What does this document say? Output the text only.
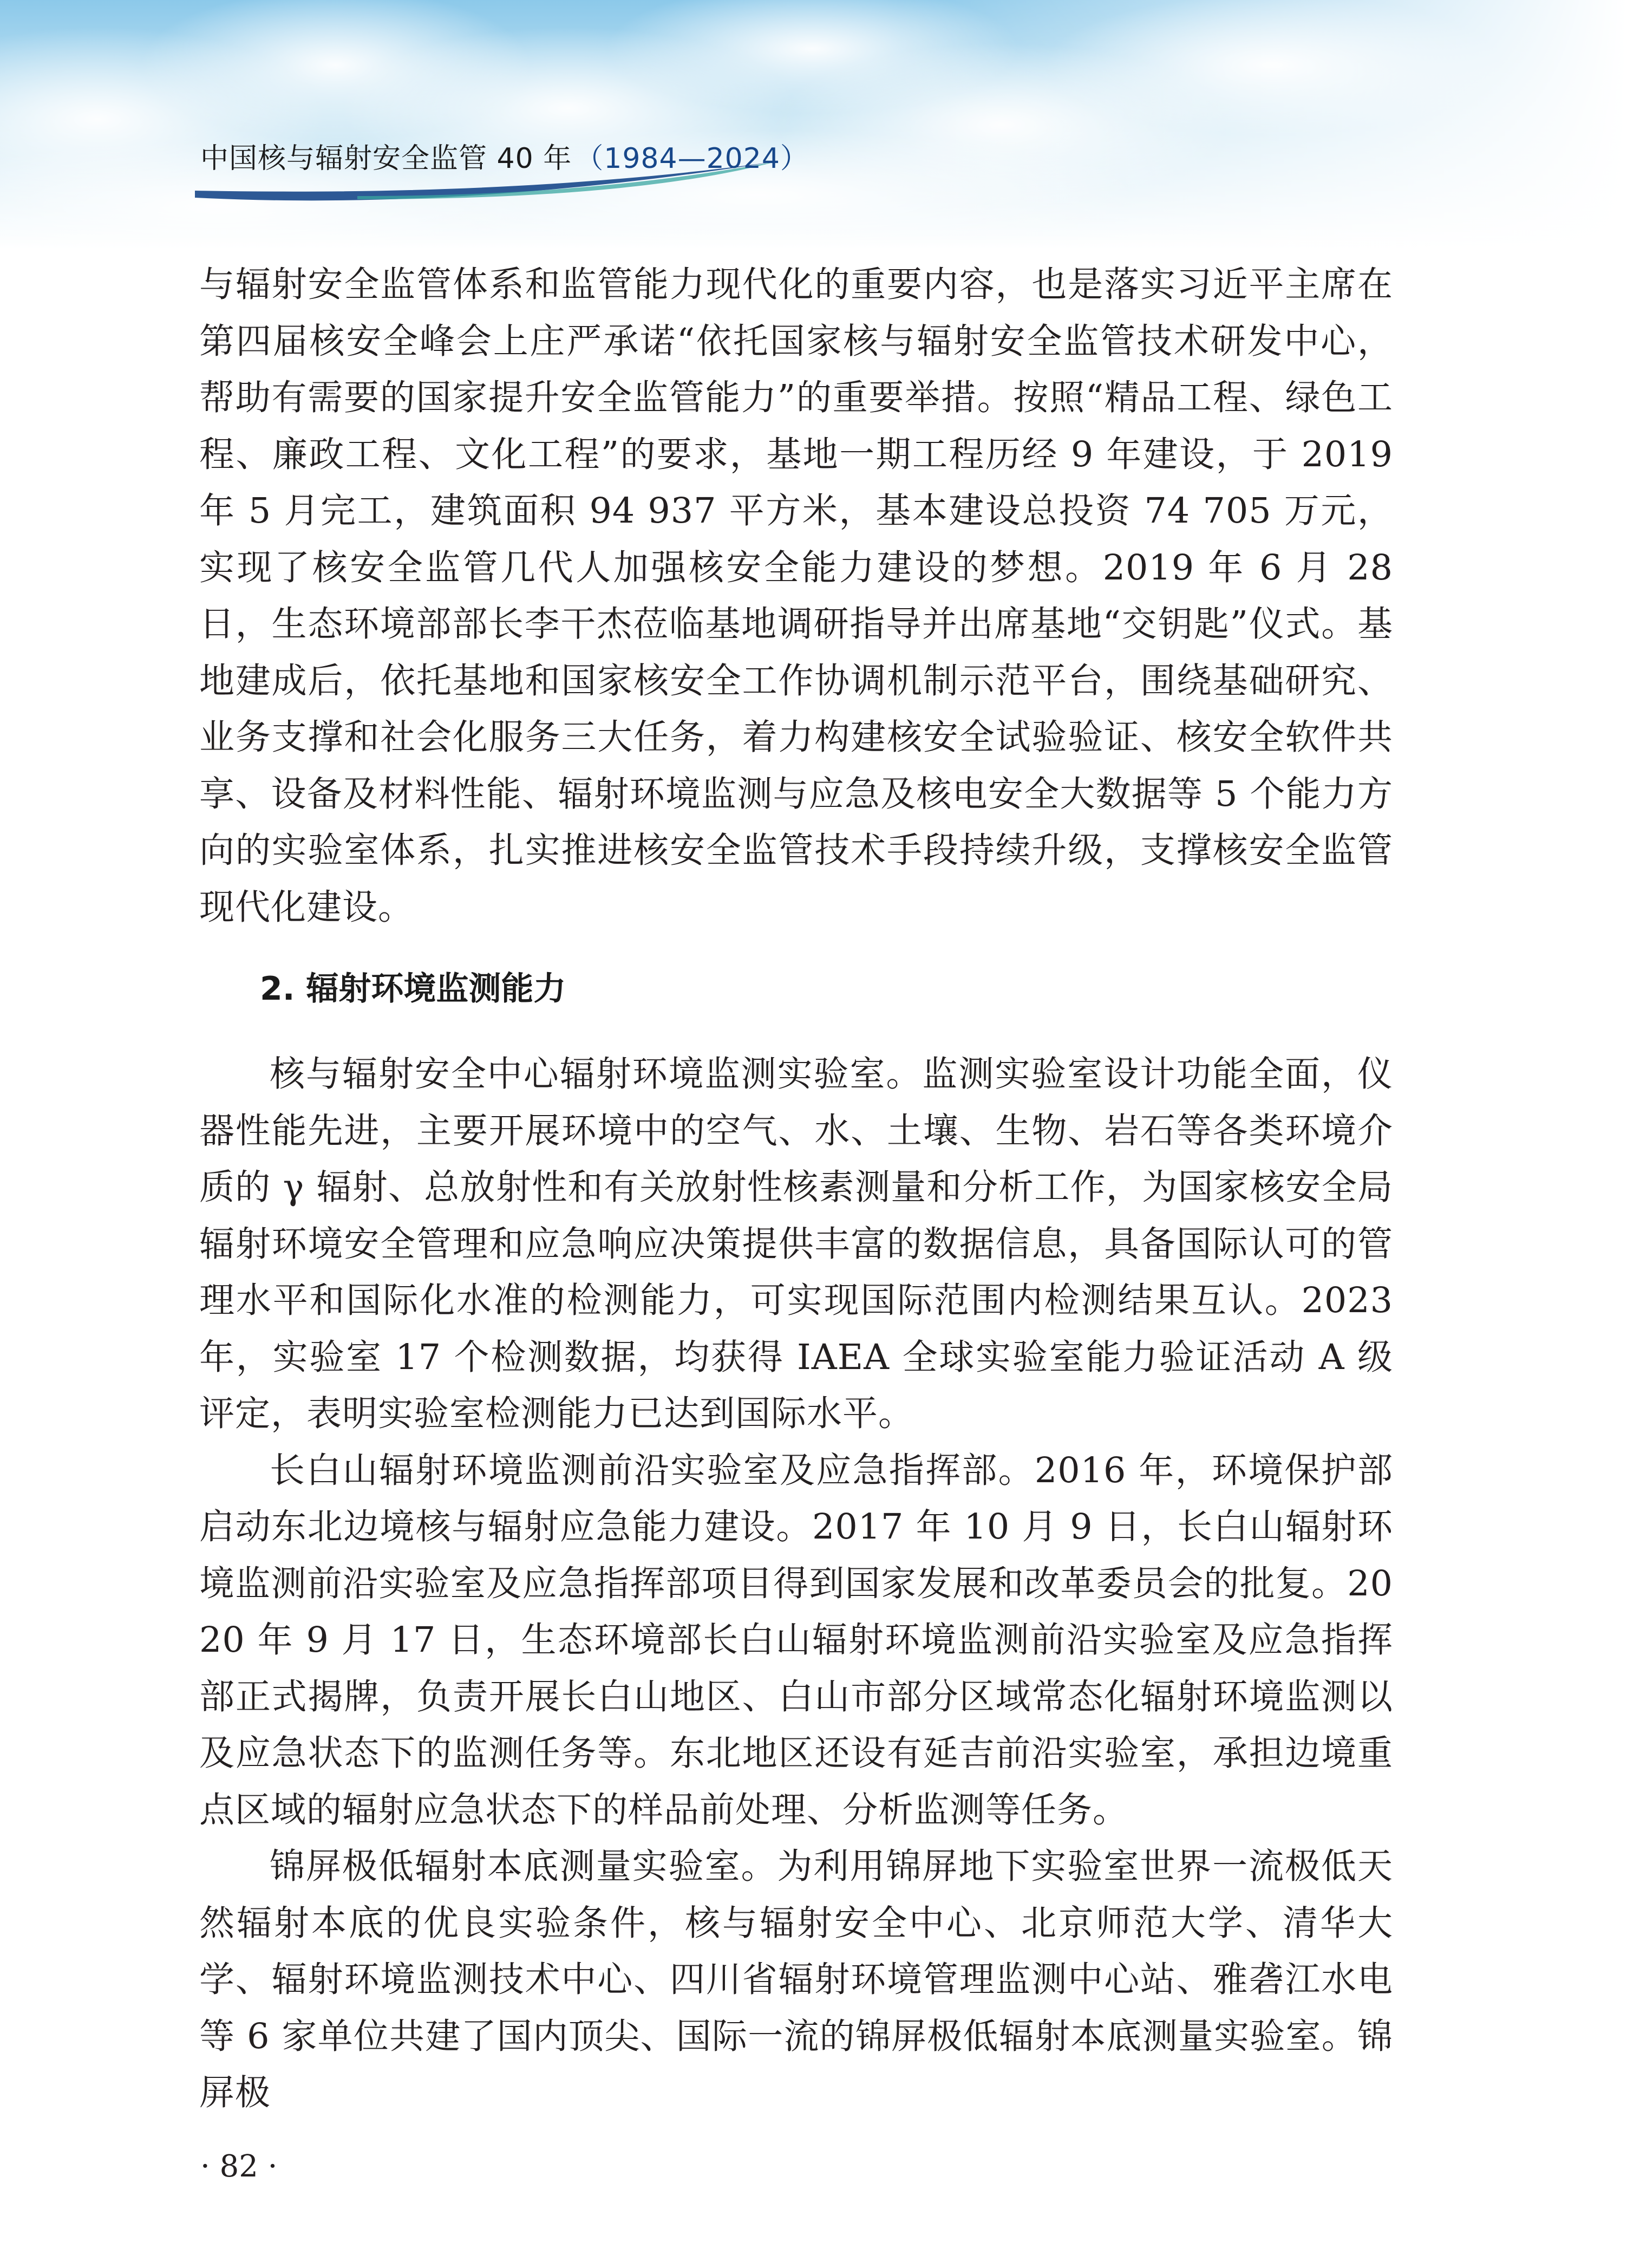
中国核与辐射安全监管 40 年 （1984—2024）

与辐射安全监管体系和监管能力现代化的重要内容，也是落实习近平主席在第四届核安全峰会上庄严承诺“依托国家核与辐射安全监管技术研发中心，帮助有需要的国家提升安全监管能力”的重要举措。按照“精品工程、绿色工程、廉政工程、文化工程”的要求，基地一期工程历经 9 年建设，于 2019 年 5 月完工，建筑面积 94 937 平方米，基本建设总投资 74 705 万元，实现了核安全监管几代人加强核安全能力建设的梦想。2019 年 6 月 28 日，生态环境部部长李干杰莅临基地调研指导并出席基地“交钥匙”仪式。基地建成后，依托基地和国家核安全工作协调机制示范平台，围绕基础研究、业务支撑和社会化服务三大任务，着力构建核安全试验验证、核安全软件共享、设备及材料性能、辐射环境监测与应急及核电安全大数据等 5 个能力方向的实验室体系，扎实推进核安全监管技术手段持续升级，支撑核安全监管现代化建设。

2. 辐射环境监测能力

核与辐射安全中心辐射环境监测实验室。监测实验室设计功能全面，仪器性能先进，主要开展环境中的空气、水、土壤、生物、岩石等各类环境介质的 γ 辐射、总放射性和有关放射性核素测量和分析工作，为国家核安全局辐射环境安全管理和应急响应决策提供丰富的数据信息，具备国际认可的管理水平和国际化水准的检测能力，可实现国际范围内检测结果互认。2023 年，实验室 17 个检测数据，均获得 IAEA 全球实验室能力验证活动 A 级评定，表明实验室检测能力已达到国际水平。

长白山辐射环境监测前沿实验室及应急指挥部。2016 年，环境保护部启动东北边境核与辐射应急能力建设。2017 年 10 月 9 日，长白山辐射环境监测前沿实验室及应急指挥部项目得到国家发展和改革委员会的批复。2020 年 9 月 17 日，生态环境部长白山辐射环境监测前沿实验室及应急指挥部正式揭牌，负责开展长白山地区、白山市部分区域常态化辐射环境监测以及应急状态下的监测任务等。东北地区还设有延吉前沿实验室，承担边境重点区域的辐射应急状态下的样品前处理、分析监测等任务。

锦屏极低辐射本底测量实验室。为利用锦屏地下实验室世界一流极低天然辐射本底的优良实验条件，核与辐射安全中心、北京师范大学、清华大学、辐射环境监测技术中心、四川省辐射环境管理监测中心站、雅砻江水电等 6 家单位共建了国内顶尖、国际一流的锦屏极低辐射本底测量实验室。锦屏极

· 82 ·
